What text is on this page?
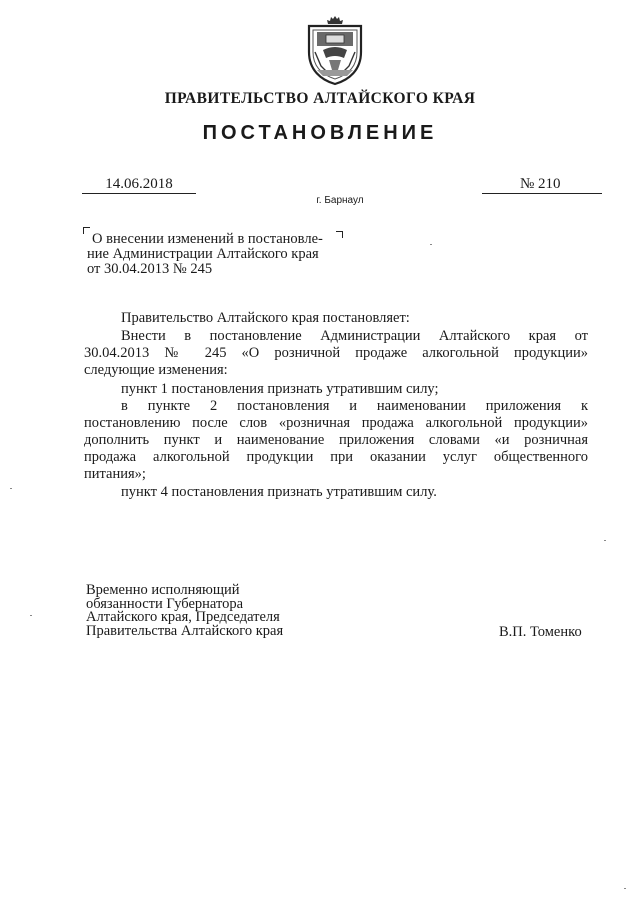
ПРАВИТЕЛЬСТВО АЛТАЙСКОГО КРАЯ
ПОСТАНОВЛЕНИЕ
14.06.2018	№ 210
г. Барнаул
О внесении изменений в постановле-
ние Администрации Алтайского края
от 30.04.2013 № 245
Правительство Алтайского края постановляет:
Внести в постановление Администрации Алтайского края от
30.04.2013 № 245 «О розничной продаже алкогольной продукции»
следующие изменения:
пункт 1 постановления признать утратившим силу;
в пункте 2 постановления и наименовании приложения к
постановлению после слов «розничная продажа алкогольной продукции»
дополнить пункт и наименование приложения словами «и розничная
продажа алкогольной продукции при оказании услуг общественного
питания»;
пункт 4 постановления признать утратившим силу.
Временно исполняющий
обязанности Губернатора
Алтайского края, Председателя
Правительства Алтайского края	В.П. Томенко
